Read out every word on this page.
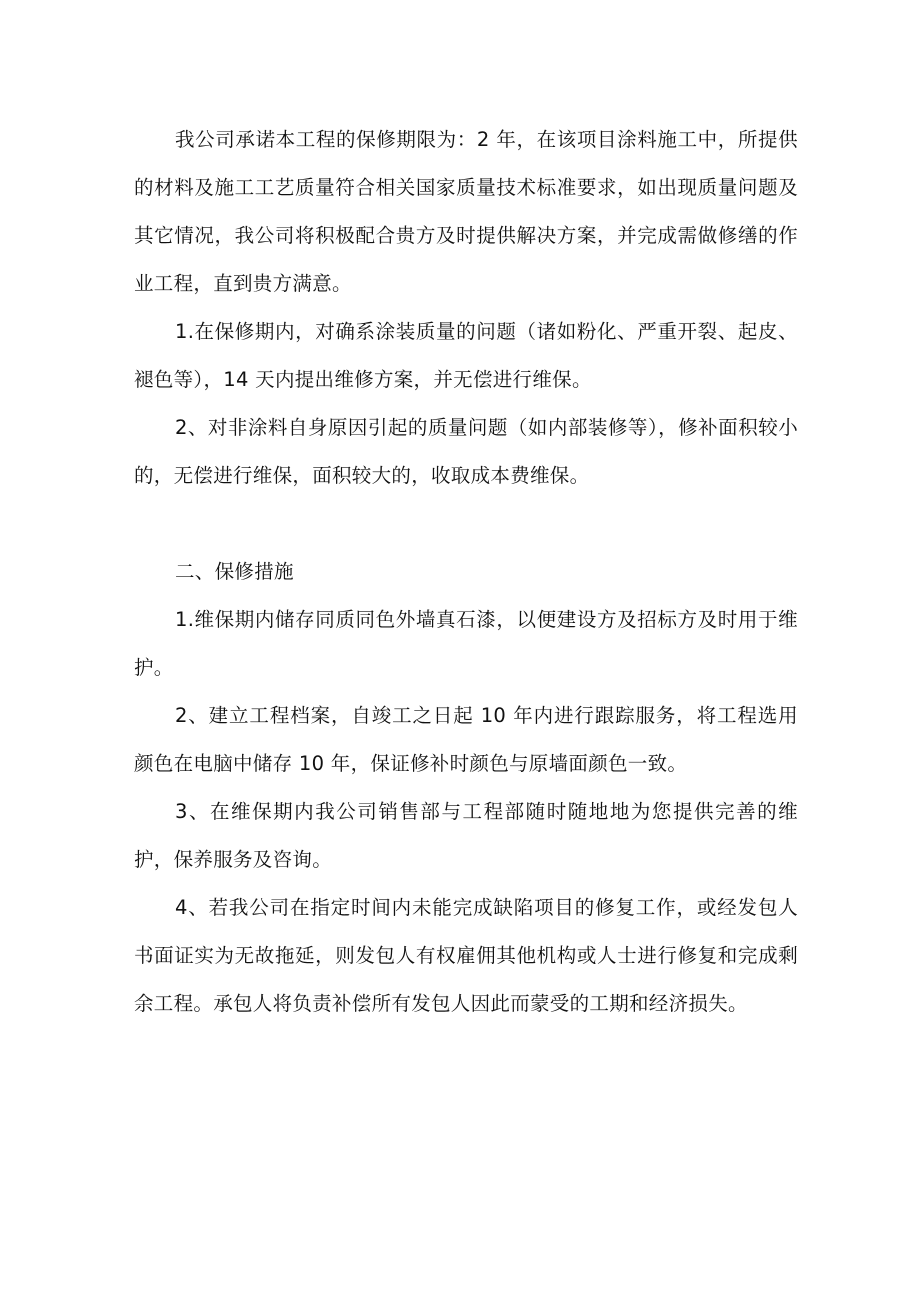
我公司承诺本工程的保修期限为：2 年，在该项目涂料施工中，所提供的材料及施工工艺质量符合相关国家质量技术标准要求，如出现质量问题及其它情况，我公司将积极配合贵方及时提供解决方案，并完成需做修缮的作业工程，直到贵方满意。

1.在保修期内，对确系涂装质量的问题（诸如粉化、严重开裂、起皮、褪色等），14 天内提出维修方案，并无偿进行维保。

2、对非涂料自身原因引起的质量问题（如内部装修等），修补面积较小的，无偿进行维保，面积较大的，收取成本费维保。

二、保修措施

1.维保期内储存同质同色外墙真石漆，以便建设方及招标方及时用于维护。

2、建立工程档案，自竣工之日起 10 年内进行跟踪服务，将工程选用颜色在电脑中储存 10 年，保证修补时颜色与原墙面颜色一致。

3、在维保期内我公司销售部与工程部随时随地地为您提供完善的维护，保养服务及咨询。

4、若我公司在指定时间内未能完成缺陷项目的修复工作，或经发包人书面证实为无故拖延，则发包人有权雇佣其他机构或人士进行修复和完成剩余工程。承包人将负责补偿所有发包人因此而蒙受的工期和经济损失。
